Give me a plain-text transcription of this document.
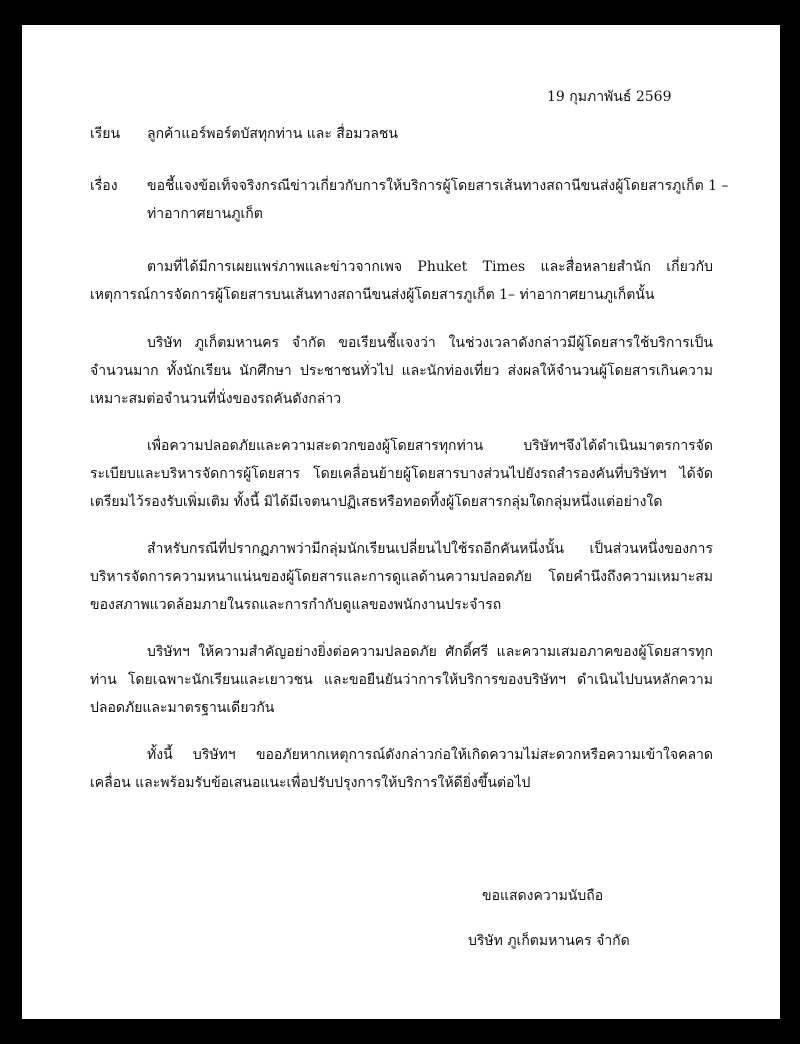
19 กุมภาพันธ์ 2569
เรียน ลูกค้าแอร์พอร์ตบัสทุกท่าน และ สื่อมวลชน
เรื่อง ขอชี้แจงข้อเท็จจริงกรณีข่าวเกี่ยวกับการให้บริการผู้โดยสารเส้นทางสถานีขนส่งผู้โดยสารภูเก็ต 1 –
ท่าอากาศยานภูเก็ต

ตามที่ได้มีการเผยแพร่ภาพและข่าวจากเพจ Phuket Times และสื่อหลายสำนัก เกี่ยวกับเหตุการณ์การจัดการผู้โดยสารบนเส้นทางสถานีขนส่งผู้โดยสารภูเก็ต 1– ท่าอากาศยานภูเก็ตนั้น

บริษัท ภูเก็ตมหานคร จำกัด ขอเรียนชี้แจงว่า ในช่วงเวลาดังกล่าวมีผู้โดยสารใช้บริการเป็นจำนวนมาก ทั้งนักเรียน นักศึกษา ประชาชนทั่วไป และนักท่องเที่ยว ส่งผลให้จำนวนผู้โดยสารเกินความเหมาะสมต่อจำนวนที่นั่งของรถคันดังกล่าว

เพื่อความปลอดภัยและความสะดวกของผู้โดยสารทุกท่าน บริษัทฯจึงได้ดำเนินมาตรการจัดระเบียบและบริหารจัดการผู้โดยสาร โดยเคลื่อนย้ายผู้โดยสารบางส่วนไปยังรถสำรองคันที่บริษัทฯ ได้จัดเตรียมไว้รองรับเพิ่มเติม ทั้งนี้ มิได้มีเจตนาปฏิเสธหรือทอดทิ้งผู้โดยสารกลุ่มใดกลุ่มหนึ่งแต่อย่างใด

สำหรับกรณีที่ปรากฏภาพว่ามีกลุ่มนักเรียนเปลี่ยนไปใช้รถอีกคันหนึ่งนั้น เป็นส่วนหนึ่งของการบริหารจัดการความหนาแน่นของผู้โดยสารและการดูแลด้านความปลอดภัย โดยคำนึงถึงความเหมาะสมของสภาพแวดล้อมภายในรถและการกำกับดูแลของพนักงานประจำรถ

บริษัทฯ ให้ความสำคัญอย่างยิ่งต่อความปลอดภัย ศักดิ์ศรี และความเสมอภาคของผู้โดยสารทุกท่าน โดยเฉพาะนักเรียนและเยาวชน และขอยืนยันว่าการให้บริการของบริษัทฯ ดำเนินไปบนหลักความปลอดภัยและมาตรฐานเดียวกัน

ทั้งนี้ บริษัทฯ ขออภัยหากเหตุการณ์ดังกล่าวก่อให้เกิดความไม่สะดวกหรือความเข้าใจคลาดเคลื่อน และพร้อมรับข้อเสนอแนะเพื่อปรับปรุงการให้บริการให้ดียิ่งขึ้นต่อไป

ขอแสดงความนับถือ
บริษัท ภูเก็ตมหานคร จำกัด
